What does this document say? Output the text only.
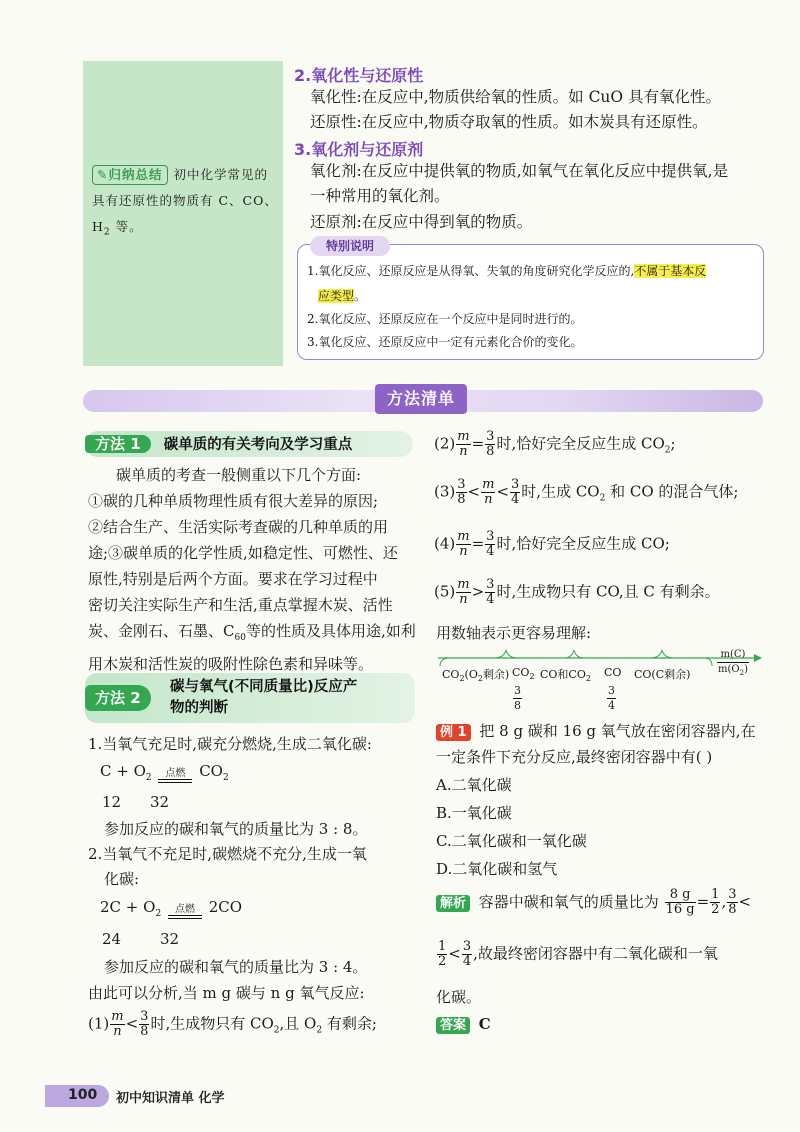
✎归纳总结 初中化学常见的
具有还原性的物质有 C、CO、
$H_2$ 等。
2.氧化性与还原性
氧化性:在反应中,物质供给氧的性质。如 CuO 具有氧化性。
还原性:在反应中,物质夺取氧的性质。如木炭具有还原性。
3.氧化剂与还原剂
氧化剂:在反应中提供氧的物质,如氧气在氧化反应中提供氧,是
一种常用的氧化剂。
还原剂:在反应中得到氧的物质。
特别说明
1.氧化反应、还原反应是从得氧、失氧的角度研究化学反应的,不属于基本反
应类型。
2.氧化反应、还原反应在一个反应中是同时进行的。
3.氧化反应、还原反应中一定有元素化合价的变化。
方法清单
方法 1 碳单质的有关考向及学习重点
碳单质的考查一般侧重以下几个方面:
①碳的几种单质物理性质有很大差异的原因;
②结合生产、生活实际考查碳的几种单质的用
途;③碳单质的化学性质,如稳定性、可燃性、还
原性,特别是后两个方面。要求在学习过程中
密切关注实际生产和生活,重点掌握木炭、活性
炭、金刚石、石墨、$C_{60}$等的性质及具体用途,如利
用木炭和活性炭的吸附性除色素和异味等。
方法 2
碳与氧气(不同质量比)反应产
物的判断
1.当氧气充足时,碳充分燃烧,生成二氧化碳:
$C + O_2$	点燃 $CO_2$
12 32
参加反应的碳和氧气的质量比为 3 : 8。
2.当氧气不充足时,碳燃烧不充分,生成一氧
化碳:
$2C + O_2$	点燃 2CO
24	32
参加反应的碳和氧气的质量比为 3 : 4。
由此可以分析,当 m g 碳与 n g 氧气反应:
$(1) \frac{m}{n} < \frac{3}{8}$ 时,生成物只有 $CO_2$,且 $O_2$ 有剩余;
$(2) \frac{m}{n} = \frac{3}{8}$ 时,恰好完全反应生成 $CO_2$;
$(3) \frac{3}{8} < \frac{m}{n} < \frac{3}{4}$ 时,生成 $CO_2$ 和 CO 的混合气体;
$(4) \frac{m}{n} = \frac{3}{4}$ 时,恰好完全反应生成 CO;
$(5) \frac{m}{n} > \frac{3}{4}$ 时,生成物只有 CO,且 C 有剩余。
用数轴表示更容易理解:
$CO_2(O_2$剩余) $CO_2$ CO和$CO_2$ CO CO(C剩余)
$\frac{3}{8}$	$\frac{3}{4}$
$\frac{m(C)}{m(O_2)}$
例 1 把 8 g 碳和 16 g 氧气放在密闭容器内,在
一定条件下充分反应,最终密闭容器中有( )
A.二氧化碳
B.一氧化碳
C.二氧化碳和一氧化碳
D.二氧化碳和氢气
解析 容器中碳和氧气的质量比为 $\frac{8 g}{16 g} = \frac{1}{2}$ , $\frac{3}{8}$ <
$\frac{1}{2} < \frac{3}{4}$ ,故最终密闭容器中有二氧化碳和一氧
化碳。
答案 C
100 初中知识清单 化学
